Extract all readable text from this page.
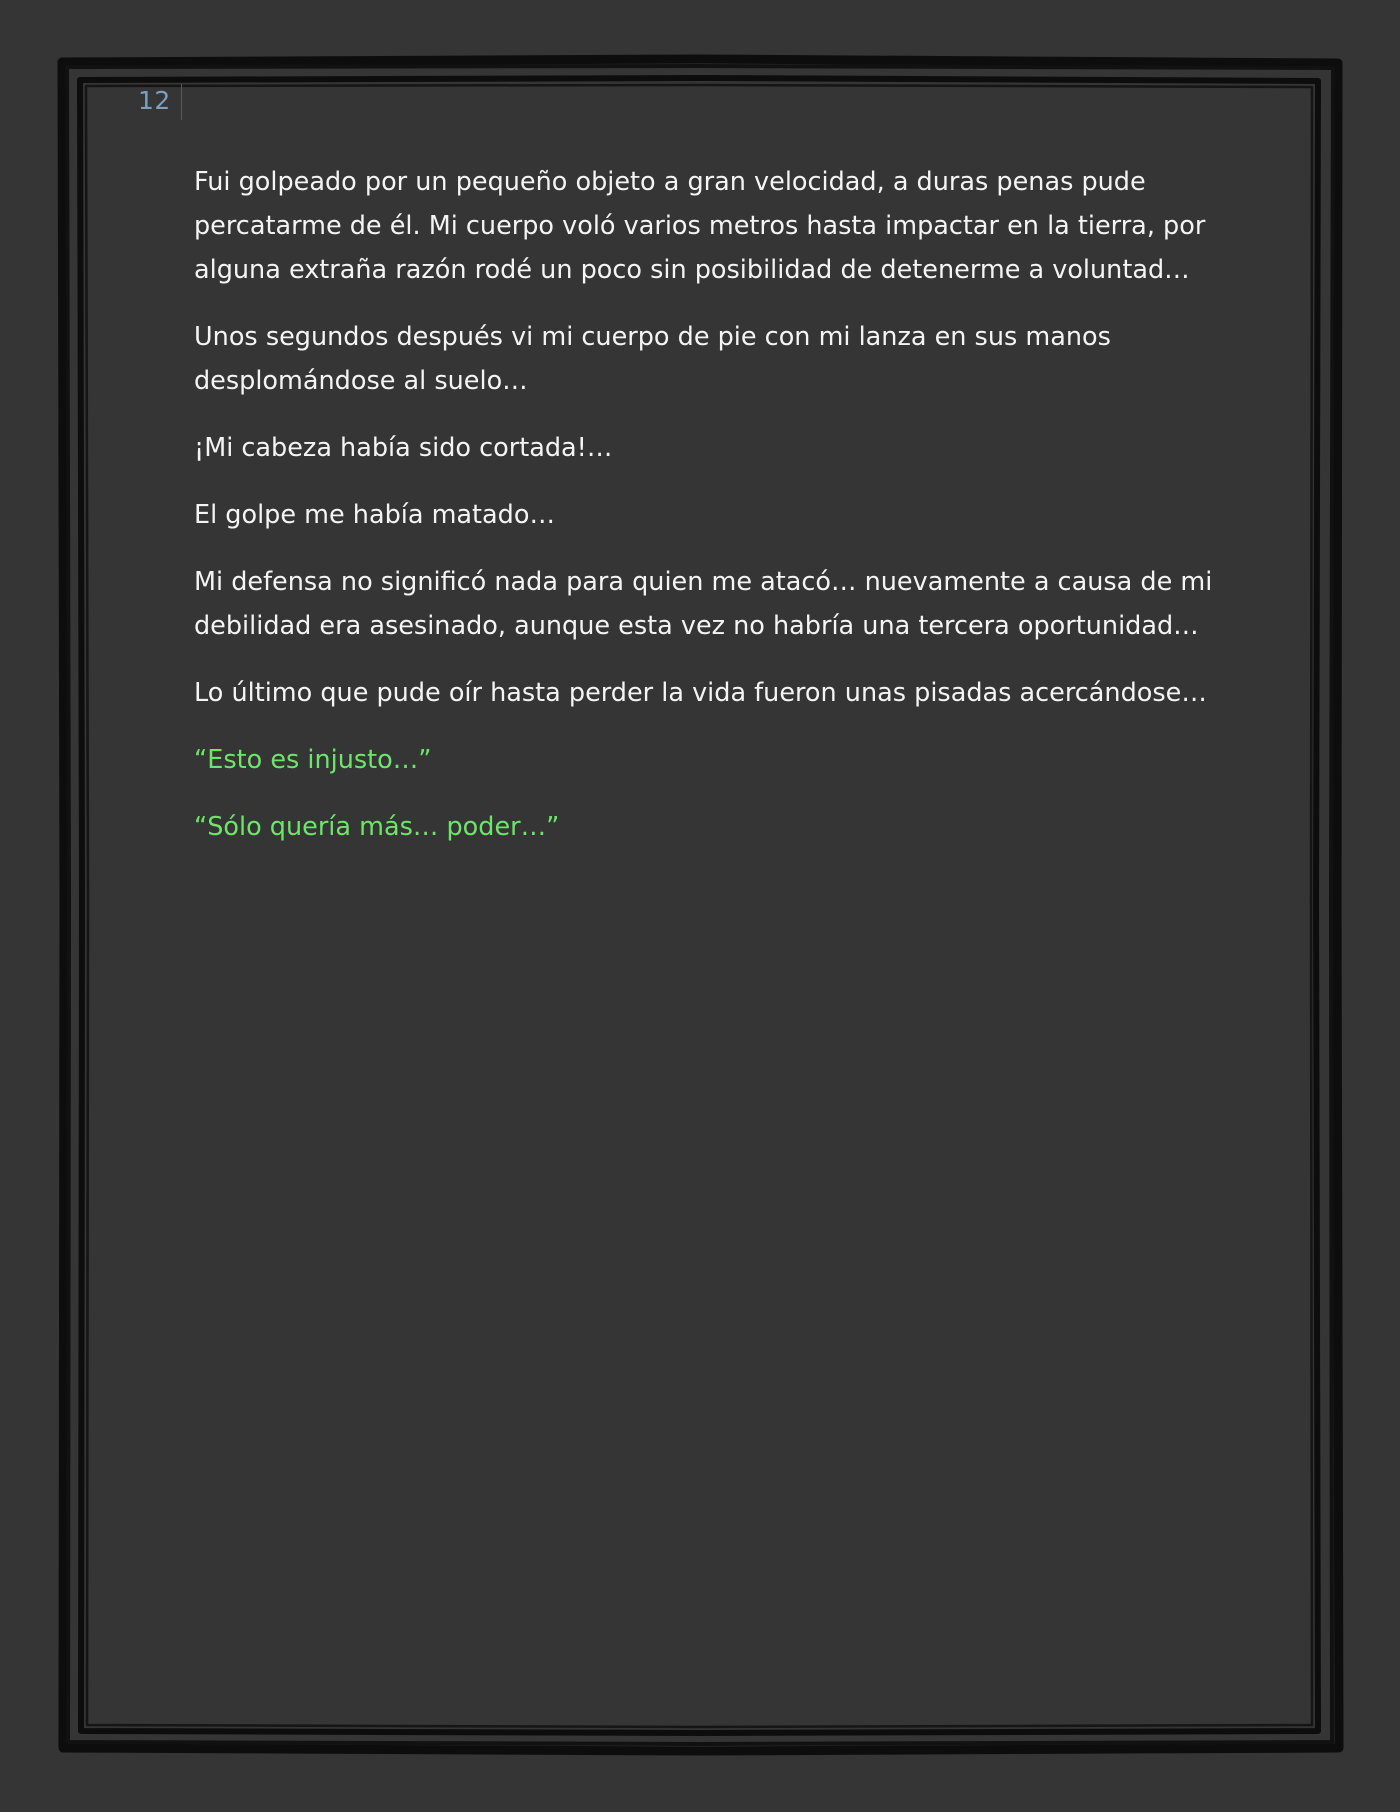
12

Fui golpeado por un pequeño objeto a gran velocidad, a duras penas pude
percatarme de él. Mi cuerpo voló varios metros hasta impactar en la tierra, por
alguna extraña razón rodé un poco sin posibilidad de detenerme a voluntad…

Unos segundos después vi mi cuerpo de pie con mi lanza en sus manos
desplomándose al suelo…

¡Mi cabeza había sido cortada!…

El golpe me había matado…

Mi defensa no significó nada para quien me atacó… nuevamente a causa de mi
debilidad era asesinado, aunque esta vez no habría una tercera oportunidad…

Lo último que pude oír hasta perder la vida fueron unas pisadas acercándose…

“Esto es injusto…”

“Sólo quería más… poder…”
